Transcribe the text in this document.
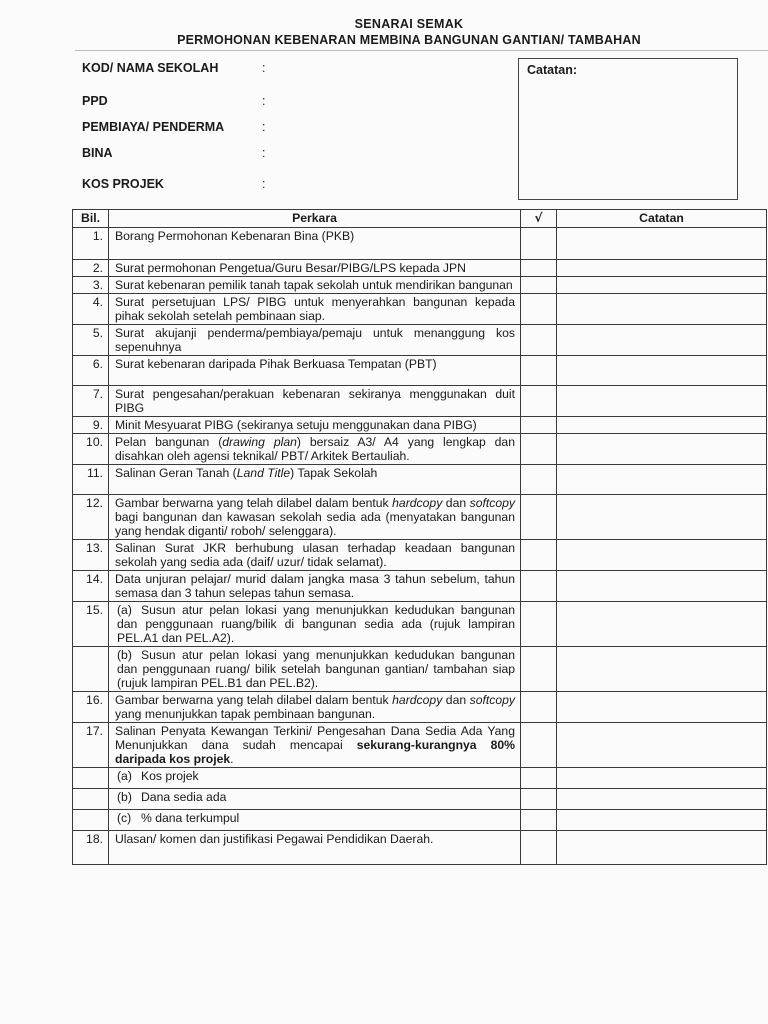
SENARAI SEMAK
PERMOHONAN KEBENARAN MEMBINA BANGUNAN GANTIAN/ TAMBAHAN
KOD/ NAMA SEKOLAH	:
PPD	:
PEMBIAYA/ PENDERMA	:
BINA	:
KOS PROJEK	:
Catatan:
Bil.	Perkara	√	Catatan
1.	Borang Permohonan Kebenaran Bina (PKB)		
2.	Surat permohonan Pengetua/Guru Besar/PIBG/LPS kepada JPN		
3.	Surat kebenaran pemilik tanah tapak sekolah untuk mendirikan bangunan		
4.	Surat persetujuan LPS/ PIBG untuk menyerahkan bangunan kepada pihak sekolah setelah pembinaan siap.		
5.	Surat akujanji penderma/pembiaya/pemaju untuk menanggung kos sepenuhnya		
6.	Surat kebenaran daripada Pihak Berkuasa Tempatan (PBT)		
7.	Surat pengesahan/perakuan kebenaran sekiranya menggunakan duit PIBG		
9.	Minit Mesyuarat PIBG (sekiranya setuju menggunakan dana PIBG)		
10.	Pelan bangunan (drawing plan) bersaiz A3/ A4 yang lengkap dan disahkan oleh agensi teknikal/ PBT/ Arkitek Bertauliah.		
11.	Salinan Geran Tanah (Land Title) Tapak Sekolah		
12.	Gambar berwarna yang telah dilabel dalam bentuk hardcopy dan softcopy bagi bangunan dan kawasan sekolah sedia ada (menyatakan bangunan yang hendak diganti/ roboh/ selenggara).		
13.	Salinan Surat JKR berhubung ulasan terhadap keadaan bangunan sekolah yang sedia ada (daif/ uzur/ tidak selamat).		
14.	Data unjuran pelajar/ murid dalam jangka masa 3 tahun sebelum, tahun semasa dan 3 tahun selepas tahun semasa.		
15.	(a) Susun atur pelan lokasi yang menunjukkan kedudukan bangunan dan penggunaan ruang/bilik di bangunan sedia ada (rujuk lampiran PEL.A1 dan PEL.A2).		
	(b) Susun atur pelan lokasi yang menunjukkan kedudukan bangunan dan penggunaan ruang/ bilik setelah bangunan gantian/ tambahan siap (rujuk lampiran PEL.B1 dan PEL.B2).		
16.	Gambar berwarna yang telah dilabel dalam bentuk hardcopy dan softcopy yang menunjukkan tapak pembinaan bangunan.		
17.	Salinan Penyata Kewangan Terkini/ Pengesahan Dana Sedia Ada Yang Menunjukkan dana sudah mencapai sekurang-kurangnya 80% daripada kos projek.		
	(a) Kos projek		
	(b) Dana sedia ada		
	(c) % dana terkumpul		
18.	Ulasan/ komen dan justifikasi Pegawai Pendidikan Daerah.		
